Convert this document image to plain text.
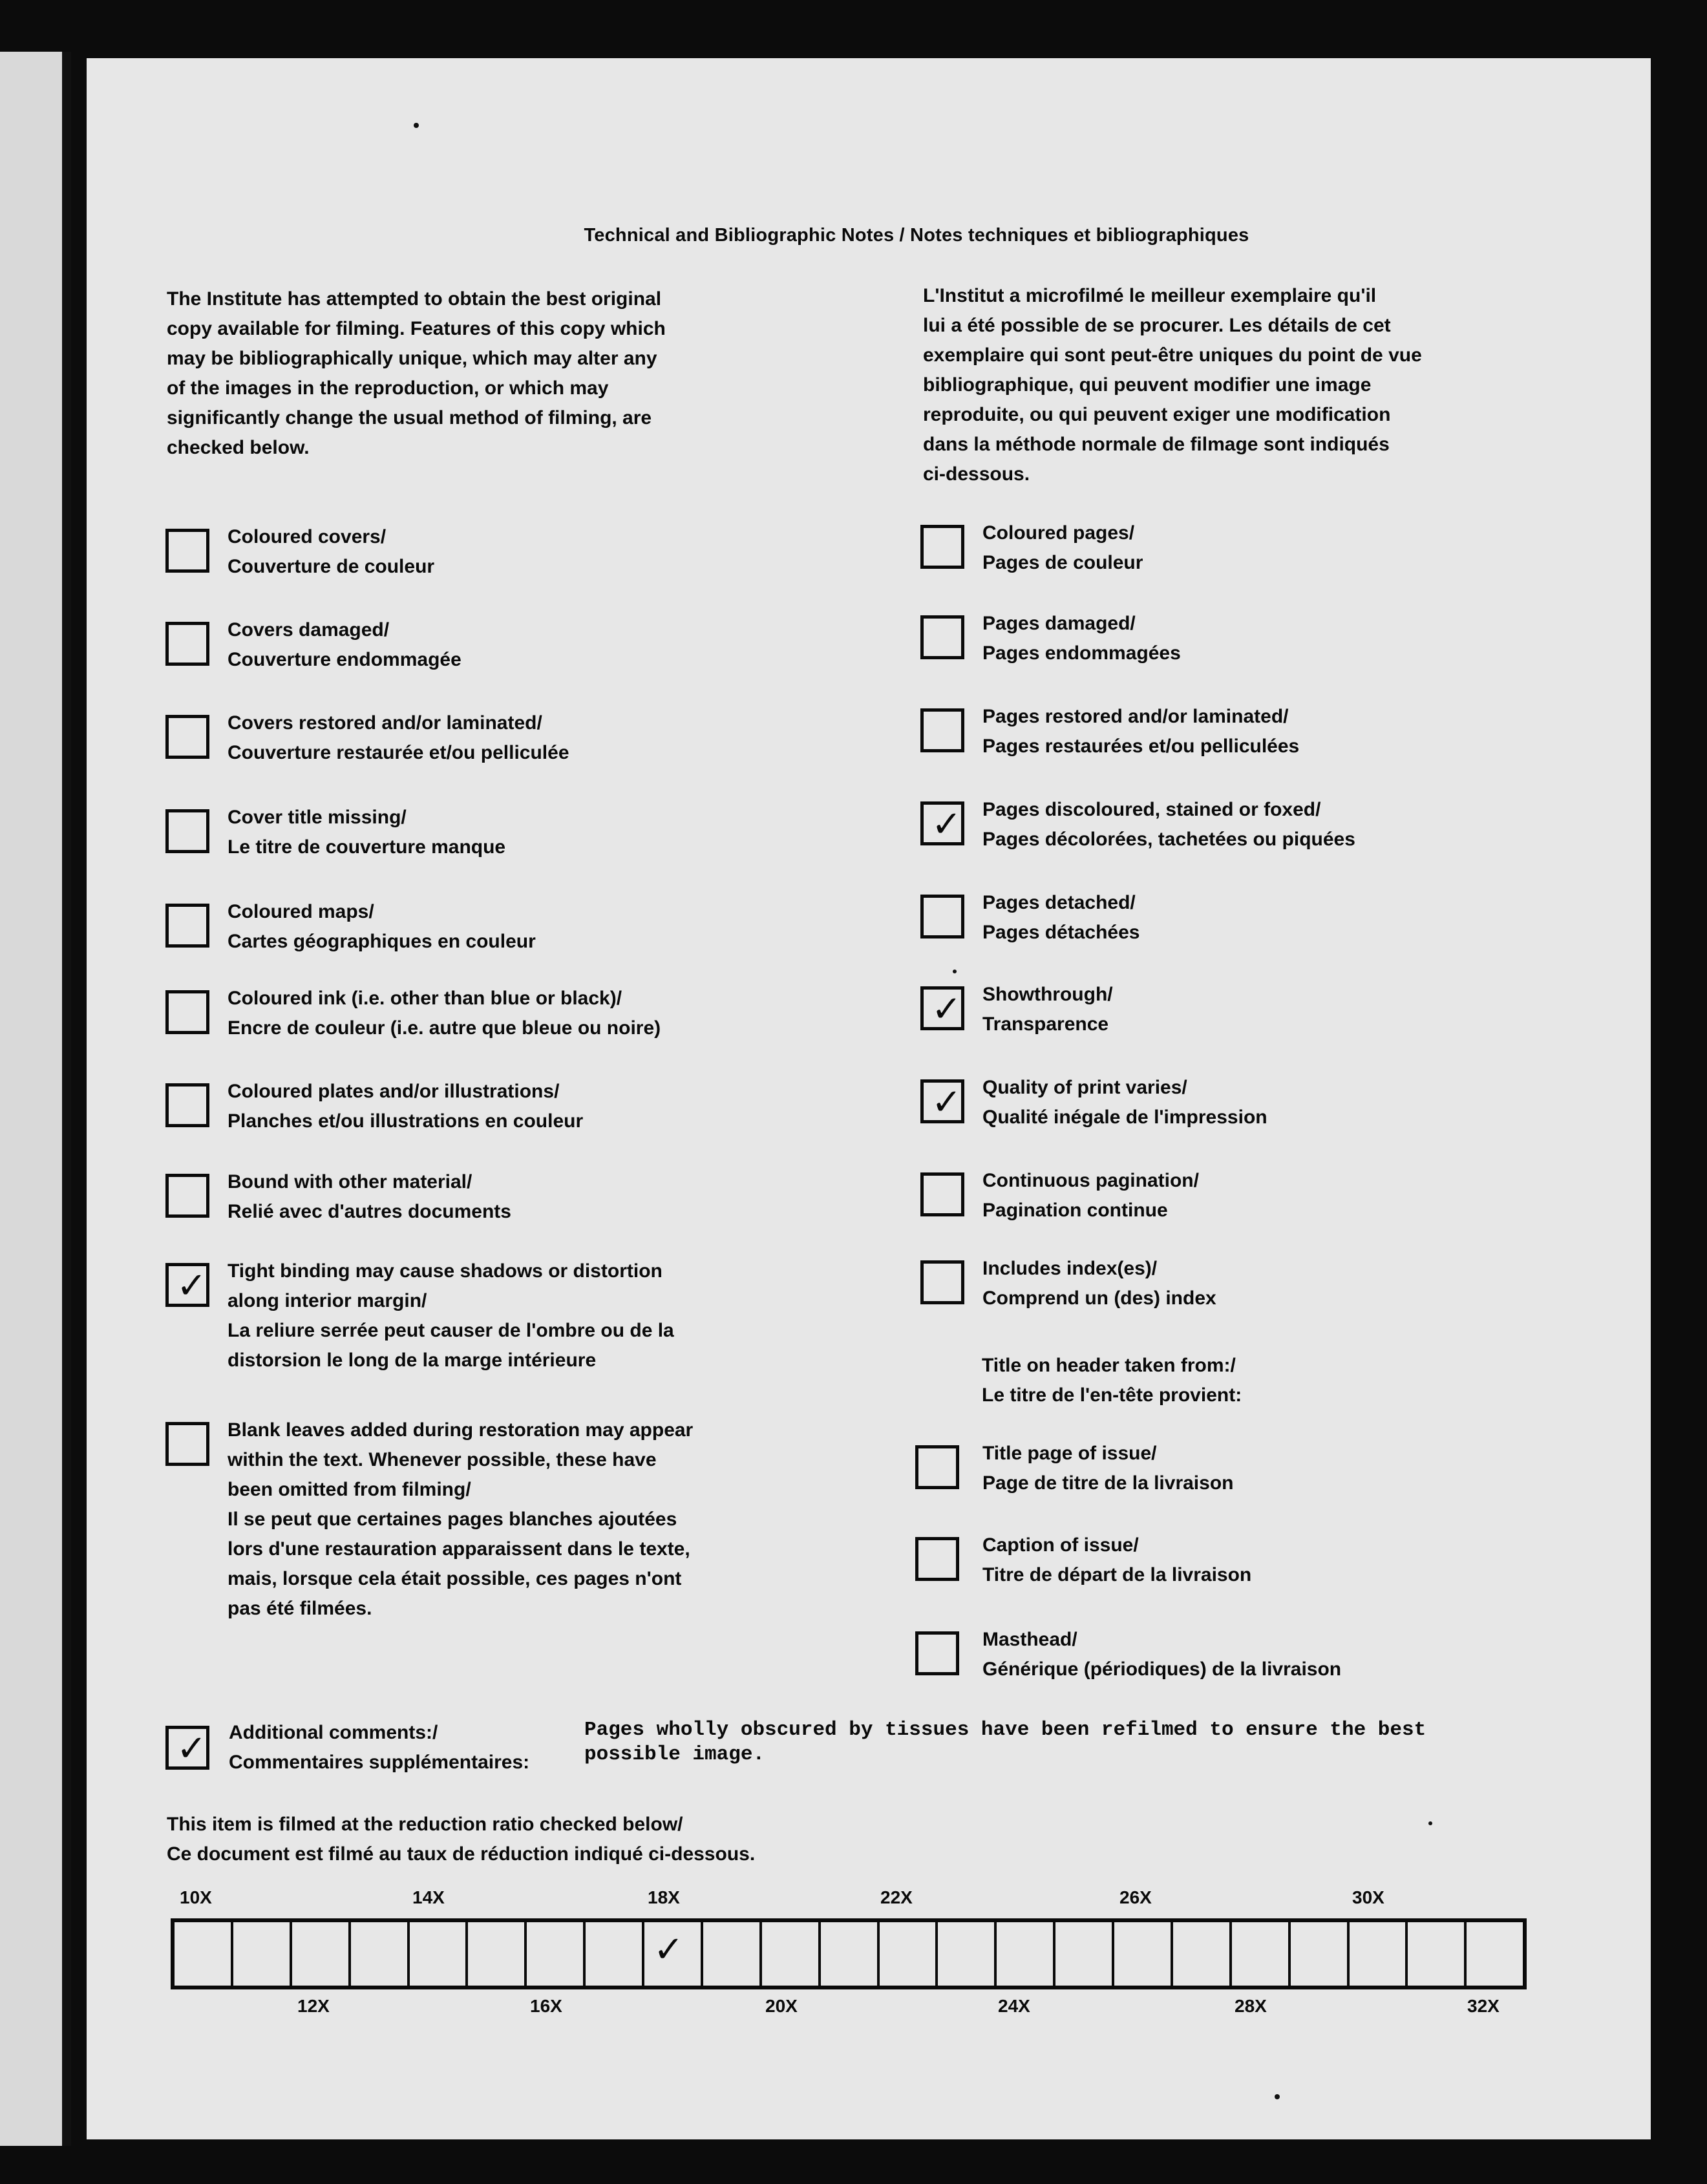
Technical and Bibliographic Notes / Notes techniques et bibliographiques
The Institute has attempted to obtain the best original
copy available for filming. Features of this copy which
may be bibliographically unique, which may alter any
of the images in the reproduction, or which may
significantly change the usual method of filming, are
checked below.
L'Institut a microfilmé le meilleur exemplaire qu'il
lui a été possible de se procurer. Les détails de cet
exemplaire qui sont peut-être uniques du point de vue
bibliographique, qui peuvent modifier une image
reproduite, ou qui peuvent exiger une modification
dans la méthode normale de filmage sont indiqués
ci-dessous.
Coloured covers/
Couverture de couleur
Covers damaged/
Couverture endommagée
Covers restored and/or laminated/
Couverture restaurée et/ou pelliculée
Cover title missing/
Le titre de couverture manque
Coloured maps/
Cartes géographiques en couleur
Coloured ink (i.e. other than blue or black)/
Encre de couleur (i.e. autre que bleue ou noire)
Coloured plates and/or illustrations/
Planches et/ou illustrations en couleur
Bound with other material/
Relié avec d'autres documents
✓ Tight binding may cause shadows or distortion
along interior margin/
La reliure serrée peut causer de l'ombre ou de la
distorsion le long de la marge intérieure
Blank leaves added during restoration may appear
within the text. Whenever possible, these have
been omitted from filming/
Il se peut que certaines pages blanches ajoutées
lors d'une restauration apparaissent dans le texte,
mais, lorsque cela était possible, ces pages n'ont
pas été filmées.
Coloured pages/
Pages de couleur
Pages damaged/
Pages endommagées
Pages restored and/or laminated/
Pages restaurées et/ou pelliculées
✓ Pages discoloured, stained or foxed/
Pages décolorées, tachetées ou piquées
Pages detached/
Pages détachées
✓ Showthrough/
Transparence
✓ Quality of print varies/
Qualité inégale de l'impression
Continuous pagination/
Pagination continue
Includes index(es)/
Comprend un (des) index
Title page of issue/
Page de titre de la livraison
Caption of issue/
Titre de départ de la livraison
Masthead/
Générique (périodiques) de la livraison
Title on header taken from:/
Le titre de l'en-tête provient:
✓ Additional comments:/
Commentaires supplémentaires:
Pages wholly obscured by tissues have been refilmed to ensure the best
possible image.
This item is filmed at the reduction ratio checked below/
Ce document est filmé au taux de réduction indiqué ci-dessous.
10X	14X	18X	22X	26X	30X
✓
12X	16X	20X	24X	28X	32X
